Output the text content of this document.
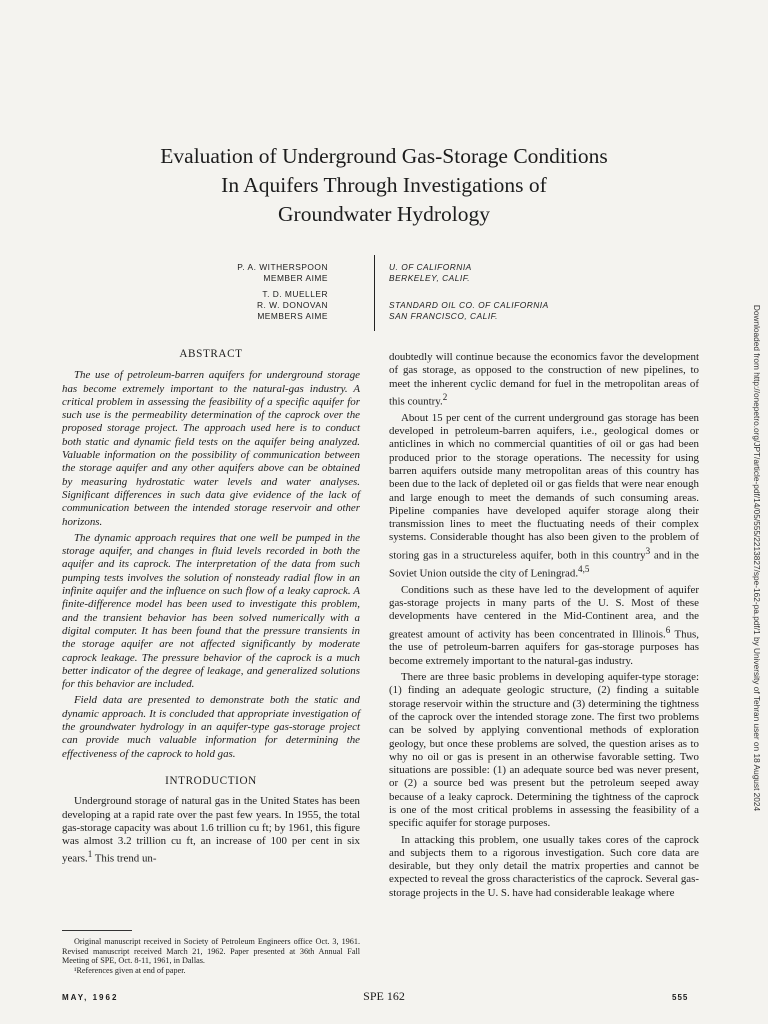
Evaluation of Underground Gas-Storage Conditions
In Aquifers Through Investigations of
Groundwater Hydrology
P. A. WITHERSPOON
MEMBER AIME
T. D. MUELLER
R. W. DONOVAN
MEMBERS AIME
U. OF CALIFORNIA
BERKELEY, CALIF.
STANDARD OIL CO. OF CALIFORNIA
SAN FRANCISCO, CALIF.
ABSTRACT

The use of petroleum-barren aquifers for underground storage has become extremely important to the natural-gas industry. A critical problem in assessing the feasibility of a specific aquifer for such use is the permeability determination of the caprock over the proposed storage project. The approach used here is to conduct both static and dynamic field tests on the aquifer being analyzed. Valuable information on the possibility of communication between the storage aquifer and any other aquifers above can be obtained by measuring hydrostatic water levels and water analyses. Significant differences in such data give evidence of the lack of communication between the intended storage reservoir and other horizons.

The dynamic approach requires that one well be pumped in the storage aquifer, and changes in fluid levels recorded in both the aquifer and its caprock. The interpretation of the data from such pumping tests involves the solution of nonsteady radial flow in an infinite aquifer and the influence on such flow of a leaky caprock. A finite-difference model has been used to investigate this problem, and the transient behavior has been solved numerically with a digital computer. It has been found that the pressure transients in the storage aquifer are not affected significantly by moderate caprock leakage. The pressure behavior of the caprock is a much better indicator of the degree of leakage, and generalized solutions for this behavior are included.

Field data are presented to demonstrate both the static and dynamic approach. It is concluded that appropriate investigation of the groundwater hydrology in an aquifer-type gas-storage project can provide much valuable information for determining the effectiveness of the caprock to hold gas.

INTRODUCTION

Underground storage of natural gas in the United States has been developing at a rapid rate over the past few years. In 1955, the total gas-storage capacity was about 1.6 trillion cu ft; by 1961, this figure was almost 3.2 trillion cu ft, an increase of 100 per cent in six years.$^1$ This trend un-

doubtedly will continue because the economics favor the development of gas storage, as opposed to the construction of new pipelines, to meet the inherent cyclic demand for fuel in the metropolitan areas of this country.$^2$

About 15 per cent of the current underground gas storage has been developed in petroleum-barren aquifers, i.e., geological domes or anticlines in which no commercial quantities of oil or gas had been produced prior to the storage operations. The necessity for using barren aquifers outside many metropolitan areas of this country has been due to the lack of depleted oil or gas fields that were near enough and large enough to meet the demands of such consuming areas. Pipeline companies have developed aquifer storage along their transmission lines to meet the fluctuating needs of their complex systems. Considerable thought has also been given to the problem of storing gas in a structureless aquifer, both in this country$^3$ and in the Soviet Union outside the city of Leningrad.$^{4,5}$

Conditions such as these have led to the development of aquifer gas-storage projects in many parts of the U. S. Most of these developments have centered in the Mid-Continent area, and the greatest amount of activity has been concentrated in Illinois.$^6$ Thus, the use of petroleum-barren aquifers for gas-storage purposes has become extremely important to the natural-gas industry.

There are three basic problems in developing aquifer-type storage: (1) finding an adequate geologic structure, (2) finding a suitable storage reservoir within the structure and (3) determining the tightness of the caprock over the intended storage zone. The first two problems can be solved by applying conventional methods of exploration geology, but once these problems are solved, the question arises as to why no oil or gas is present in an otherwise favorable setting. Two situations are possible: (1) an adequate source bed was never present, or (2) a source bed was present but the petroleum seeped away because of a leaky caprock. Determining the tightness of the caprock is one of the most critical problems in assessing the feasibility of a specific aquifer for storage purposes.

In attacking this problem, one usually takes cores of the caprock and subjects them to a rigorous investigation. Such core data are desirable, but they only detail the matrix properties and cannot be expected to reveal the gross characteristics of the caprock. Several gas-storage projects in the U. S. have had considerable leakage where

Original manuscript received in Society of Petroleum Engineers office Oct. 3, 1961. Revised manuscript received March 21, 1962. Paper presented at 36th Annual Fall Meeting of SPE, Oct. 8-11, 1961, in Dallas.

¹References given at end of paper.

MAY, 1962	SPE 162	555
Downloaded from http://onepetro.org/JPT/article-pdf/14/05/555/2213827/spe-162-pa.pdf/1 by University of Tehran user on 18 August 2024
